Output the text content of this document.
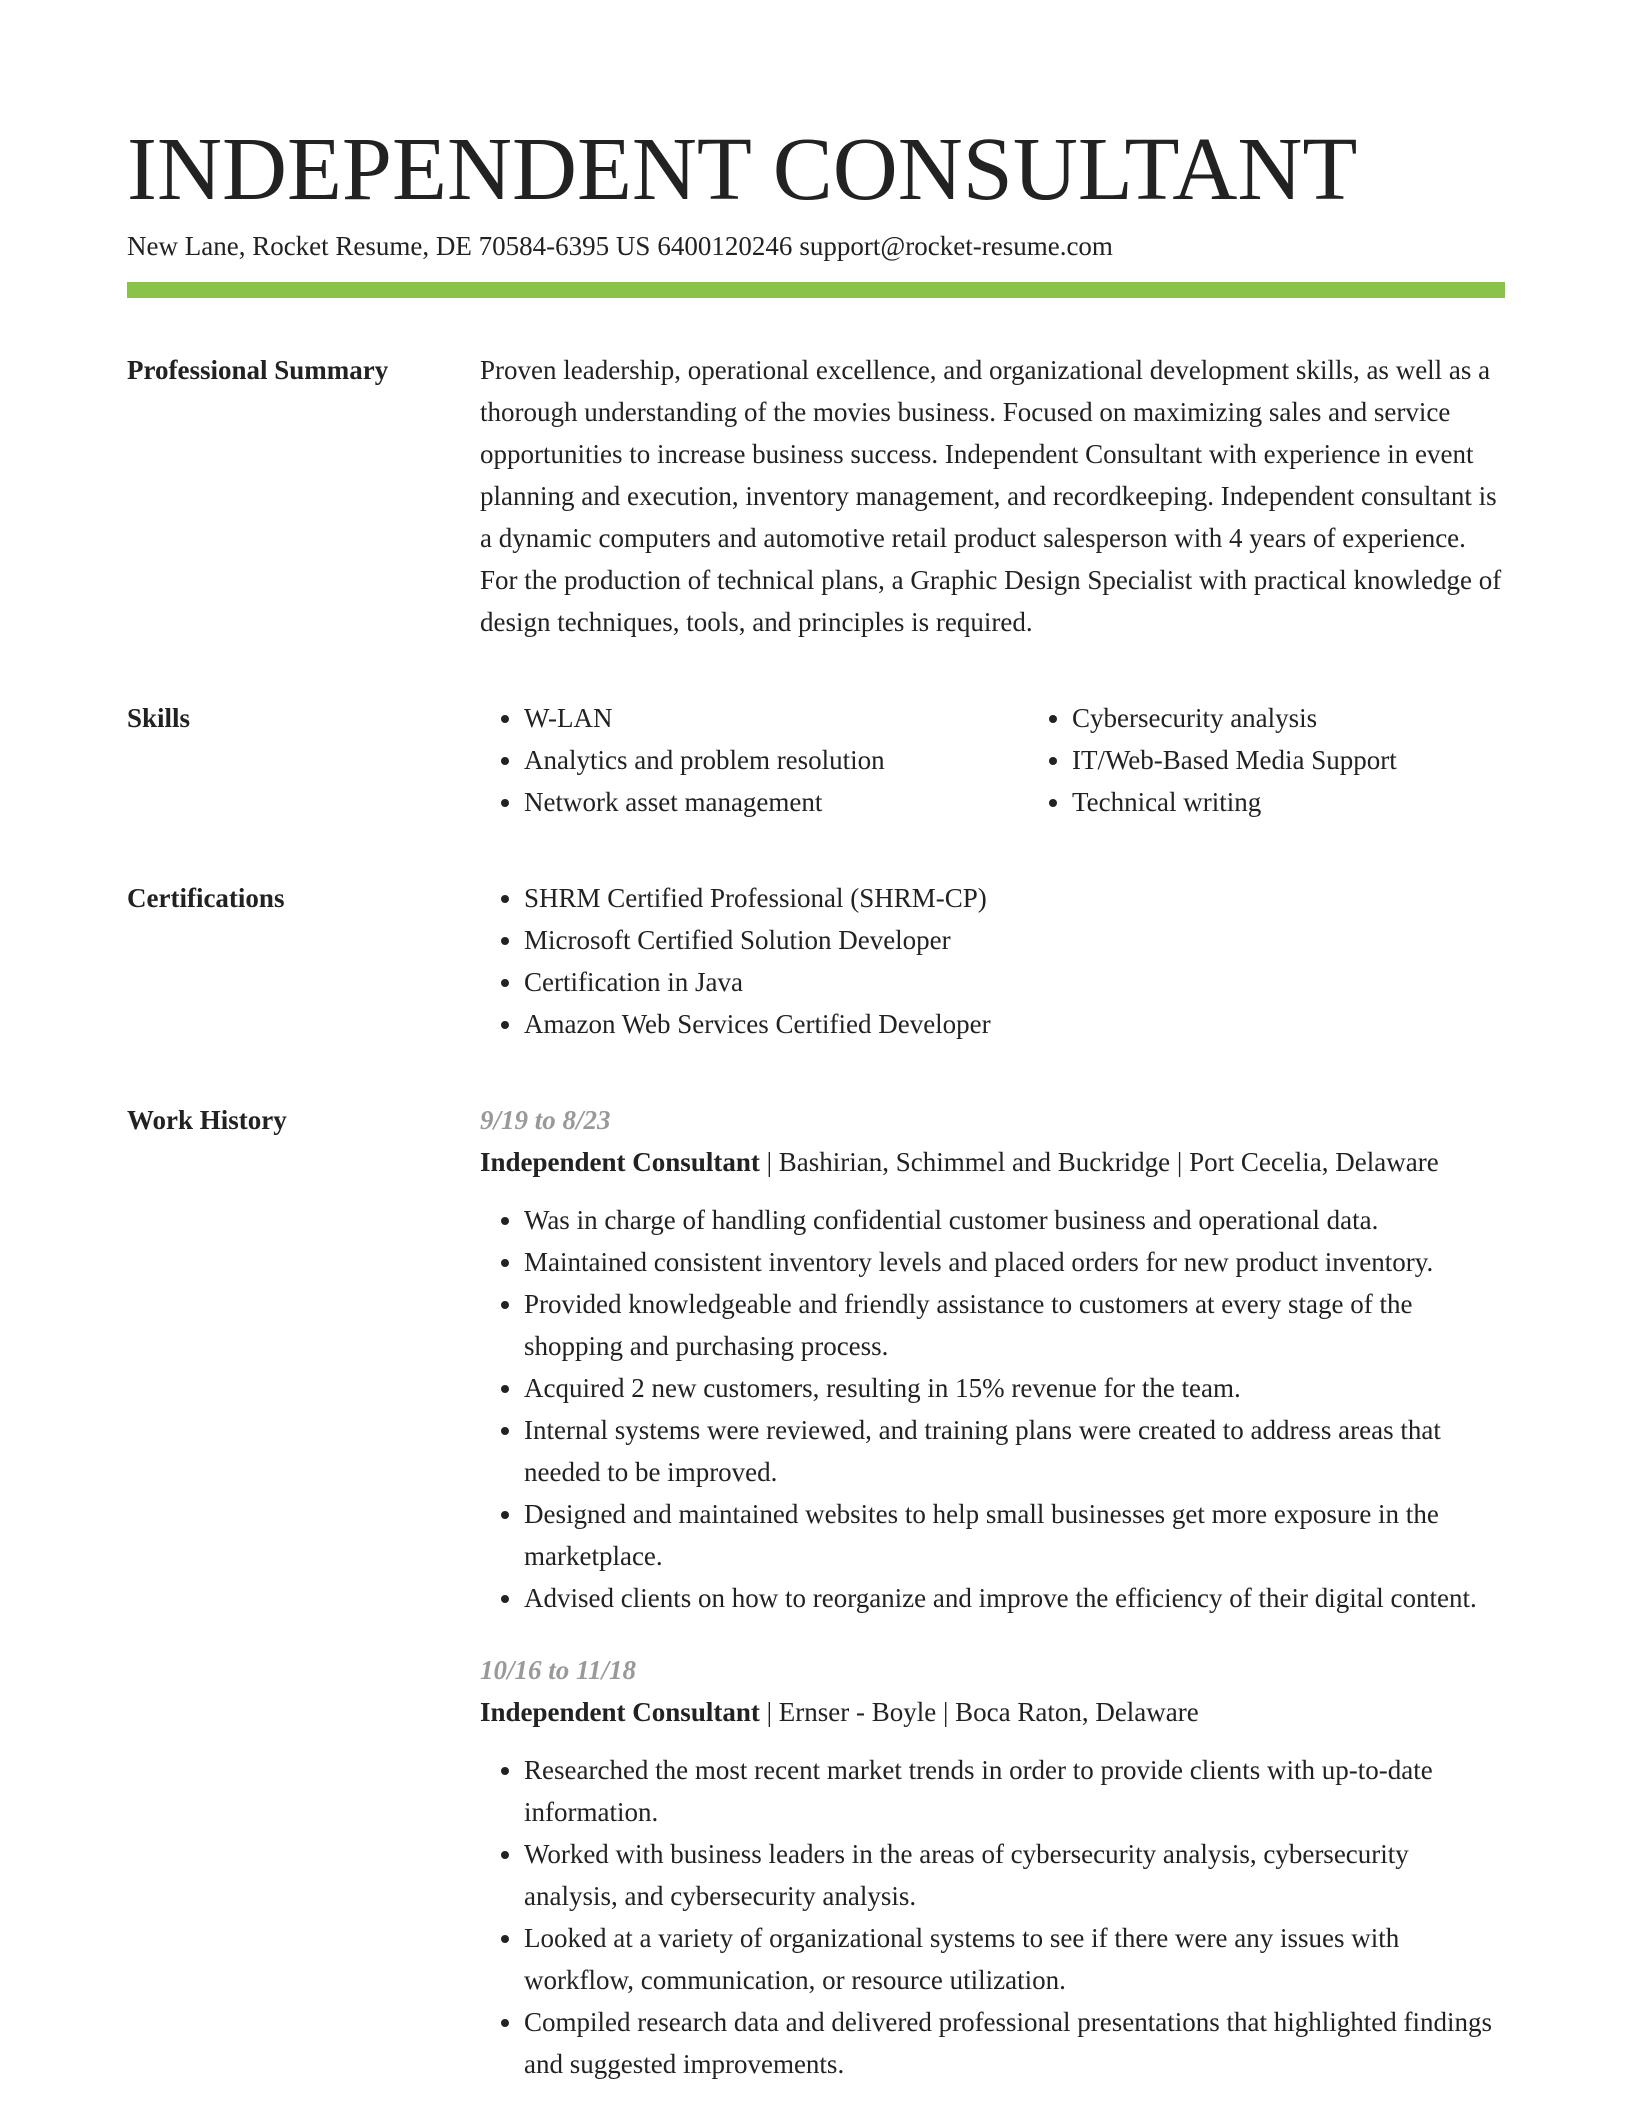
INDEPENDENT CONSULTANT
New Lane, Rocket Resume, DE 70584-6395 US 6400120246 support@rocket-resume.com
Professional Summary	Proven leadership, operational excellence, and organizational development skills, as well as a thorough understanding of the movies business. Focused on maximizing sales and service opportunities to increase business success. Independent Consultant with experience in event planning and execution, inventory management, and recordkeeping. Independent consultant is a dynamic computers and automotive retail product salesperson with 4 years of experience. For the production of technical plans, a Graphic Design Specialist with practical knowledge of design techniques, tools, and principles is required.

Skills	• W-LAN
• Analytics and problem resolution
• Network asset management
• Cybersecurity analysis
• IT/Web-Based Media Support
• Technical writing
Certifications	• SHRM Certified Professional (SHRM-CP)
• Microsoft Certified Solution Developer
• Certification in Java
• Amazon Web Services Certified Developer
Work History	9/19 to 8/23
Independent Consultant | Bashirian, Schimmel and Buckridge | Port Cecelia, Delaware
• Was in charge of handling confidential customer business and operational data.
• Maintained consistent inventory levels and placed orders for new product inventory.
• Provided knowledgeable and friendly assistance to customers at every stage of the shopping and purchasing process.
• Acquired 2 new customers, resulting in 15% revenue for the team.
• Internal systems were reviewed, and training plans were created to address areas that needed to be improved.
• Designed and maintained websites to help small businesses get more exposure in the marketplace.
• Advised clients on how to reorganize and improve the efficiency of their digital content.
10/16 to 11/18
Independent Consultant | Ernser - Boyle | Boca Raton, Delaware
• Researched the most recent market trends in order to provide clients with up-to-date information.
• Worked with business leaders in the areas of cybersecurity analysis, cybersecurity analysis, and cybersecurity analysis.
• Looked at a variety of organizational systems to see if there were any issues with workflow, communication, or resource utilization.
• Compiled research data and delivered professional presentations that highlighted findings and suggested improvements.
